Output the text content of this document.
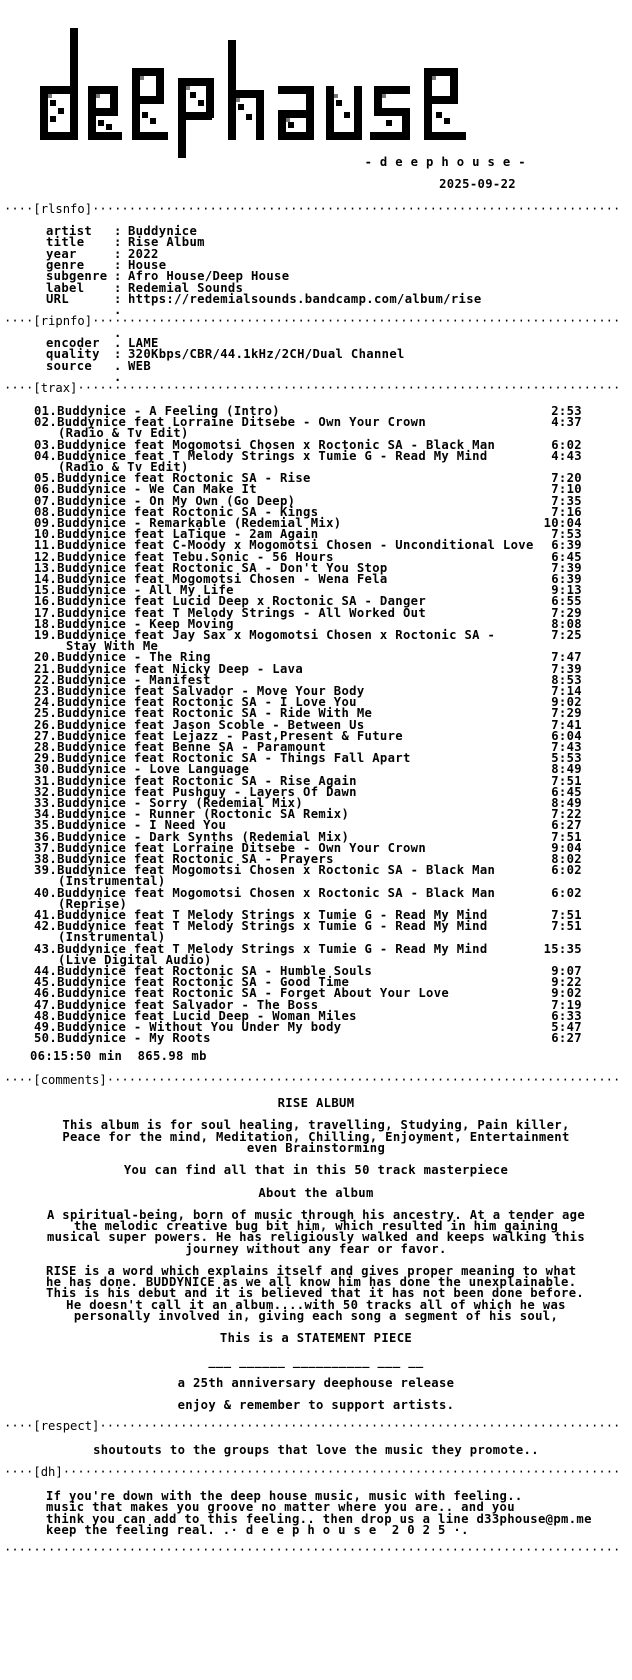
- d e e p h o u s e -
2025-09-22
····[rlsnfo]········································································
artist : Buddynice
title : Rise Album
year	: 2022
genre : House
subgenre : Afro House/Deep House
label : Redemial Sounds
URL	: https://redemialsounds.bandcamp.com/album/rise
.
····[ripnfo]········································································
.
encoder . LAME
quality : 320Kbps/CBR/44.1kHz/2CH/Dual Channel
source . WEB
.
····[trax]··········································································
01.Buddynice - A Feeling (Intro)	2:53
02.Buddynice feat Lorraine Ditsebe - Own Your Crown	4:37
(Radio & Tv Edit)
03.Buddynice feat Mogomotsi Chosen x Roctonic SA - Black Man	6:02
04.Buddynice feat T Melody Strings x Tumie G - Read My Mind	4:43
(Radio & Tv Edit)
05.Buddynice feat Roctonic SA - Rise	7:20
06.Buddynice - We Can Make It	7:10
07.Buddynice - On My Own (Go Deep)	7:35
08.Buddynice feat Roctonic SA - Kings	7:16
09.Buddynice - Remarkable (Redemial Mix)	10:04
10.Buddynice feat LaTique - 2am Again	7:53
11.Buddynice feat C-Moody x Mogomotsi Chosen - Unconditional Love 6:39
12.Buddynice feat Tebu.Sonic - 56 Hours	6:45
13.Buddynice feat Roctonic SA - Don't You Stop	7:39
14.Buddynice feat Mogomotsi Chosen - Wena Fela	6:39
15.Buddynice - All My Life	9:13
16.Buddynice feat Lucid Deep x Roctonic SA - Danger	6:55
17.Buddynice feat T Melody Strings - All Worked Out	7:29
18.Buddynice - Keep Moving	8:08
19.Buddynice feat Jay Sax x Mogomotsi Chosen x Roctonic SA -	7:25
Stay With Me
20.Buddynice - The Ring	7:47
21.Buddynice feat Nicky Deep - Lava	7:39
22.Buddynice - Manifest	8:53
23.Buddynice feat Salvador - Move Your Body	7:14
24.Buddynice feat Roctonic SA - I Love You	9:02
25.Buddynice feat Roctonic SA - Ride With Me	7:29
26.Buddynice feat Jason Scoble - Between Us	7:41
27.Buddynice feat Lejazz - Past,Present & Future	6:04
28.Buddynice feat Benne SA - Paramount	7:43
29.Buddynice feat Roctonic SA - Things Fall Apart	5:53
30.Buddynice - Love Language	8:49
31.Buddynice feat Roctonic SA - Rise Again	7:51
32.Buddynice feat Pushguy - Layers Of Dawn	6:45
33.Buddynice - Sorry (Redemial Mix)	8:49
34.Buddynice - Runner (Roctonic SA Remix)	7:22
35.Buddynice - I Need You	6:27
36.Buddynice - Dark Synths (Redemial Mix)	7:51
37.Buddynice feat Lorraine Ditsebe - Own Your Crown	9:04
38.Buddynice feat Roctonic SA - Prayers	8:02
39.Buddynice feat Mogomotsi Chosen x Roctonic SA - Black Man	6:02
(Instrumental)
40.Buddynice feat Mogomotsi Chosen x Roctonic SA - Black Man	6:02
(Reprise)
41.Buddynice feat T Melody Strings x Tumie G - Read My Mind	7:51
42.Buddynice feat T Melody Strings x Tumie G - Read My Mind	7:51
(Instrumental)
43.Buddynice feat T Melody Strings x Tumie G - Read My Mind	15:35
(Live Digital Audio)
44.Buddynice feat Roctonic SA - Humble Souls	9:07
45.Buddynice feat Roctonic SA - Good Time	9:22
46.Buddynice feat Roctonic SA - Forget About Your Love	9:02
47.Buddynice feat Salvador - The Boss	7:19
48.Buddynice feat Lucid Deep - Woman Miles	6:33
49.Buddynice - Without You Under My body	5:47
50.Buddynice - My Roots	6:27
06:15:50 min  865.98 mb
····[comments]······································································
RISE ALBUM
This album is for soul healing, travelling, Studying, Pain killer,
Peace for the mind, Meditation, Chilling, Enjoyment, Entertainment
even Brainstorming
You can find all that in this 50 track masterpiece
About the album
A spiritual-being, born of music through his ancestry. At a tender age
the melodic creative bug bit him, which resulted in him gaining
musical super powers. He has religiously walked and keeps walking this
journey without any fear or favor.
RISE is a word which explains itself and gives proper meaning to what
he has done. BUDDYNICE as we all know him has done the unexplainable.
This is his debut and it is believed that it has not been done before.
He doesn't call it an album....with 50 tracks all of which he was
personally involved in, giving each song a segment of his soul,
This is a STATEMENT PIECE
___ ______ __________ ___ __
a 25th anniversary deephouse release
enjoy & remember to support artists.
····[respect]·······································································
shoutouts to the groups that love the music they promote..
····[dh]············································································
If you're down with the deep house music, music with feeling..
music that makes you groove no matter where you are.. and you
think you can add to this feeling.. then drop us a line d33phouse@pm.me
keep the feeling real. .· d e e p h o u s e  2 0 2 5 ·.
····················································································
